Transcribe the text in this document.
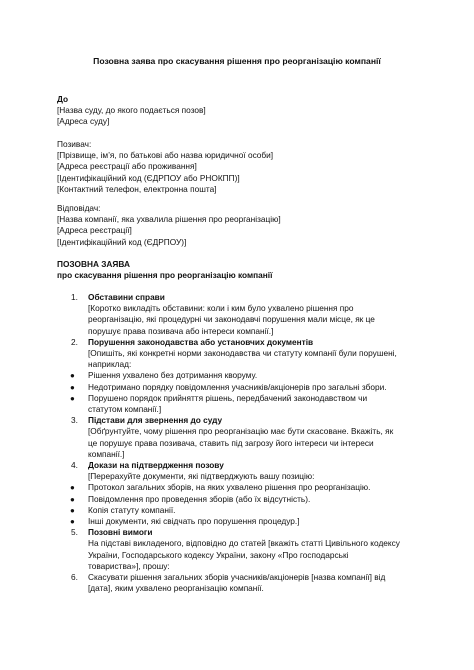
Позовна заява про скасування рішення про реорганізацію компанії
До
[Назва суду, до якого подається позов]
[Адреса суду]
Позивач:
[Прізвище, ім’я, по батькові або назва юридичної особи]
[Адреса реєстрації або проживання]
[Ідентифікаційний код (ЄДРПОУ або РНОКПП)]
[Контактний телефон, електронна пошта]
Відповідач:
[Назва компанії, яка ухвалила рішення про реорганізацію]
[Адреса реєстрації]
[Ідентифікаційний код (ЄДРПОУ)]
ПОЗОВНА ЗАЯВА
про скасування рішення про реорганізацію компанії
1. Обставини справи
[Коротко викладіть обставини: коли і ким було ухвалено рішення про
реорганізацію, які процедурні чи законодавчі порушення мали місце, як це
порушує права позивача або інтереси компанії.]
2. Порушення законодавства або установчих документів
[Опишіть, які конкретні норми законодавства чи статуту компанії були порушені,
наприклад:
● Рішення ухвалено без дотримання кворуму.
● Недотримано порядку повідомлення учасників/акціонерів про загальні збори.
● Порушено порядок прийняття рішень, передбачений законодавством чи
статутом компанії.]
3. Підстави для звернення до суду
[Обґрунтуйте, чому рішення про реорганізацію має бути скасоване. Вкажіть, як
це порушує права позивача, ставить під загрозу його інтереси чи інтереси
компанії.]
4. Докази на підтвердження позову
[Перерахуйте документи, які підтверджують вашу позицію:
● Протокол загальних зборів, на яких ухвалено рішення про реорганізацію.
● Повідомлення про проведення зборів (або їх відсутність).
● Копія статуту компанії.
● Інші документи, які свідчать про порушення процедур.]
5. Позовні вимоги
На підставі викладеного, відповідно до статей [вкажіть статті Цивільного кодексу
України, Господарського кодексу України, закону «Про господарські
товариства»], прошу:
6. Скасувати рішення загальних зборів учасників/акціонерів [назва компанії] від
[дата], яким ухвалено реорганізацію компанії.
